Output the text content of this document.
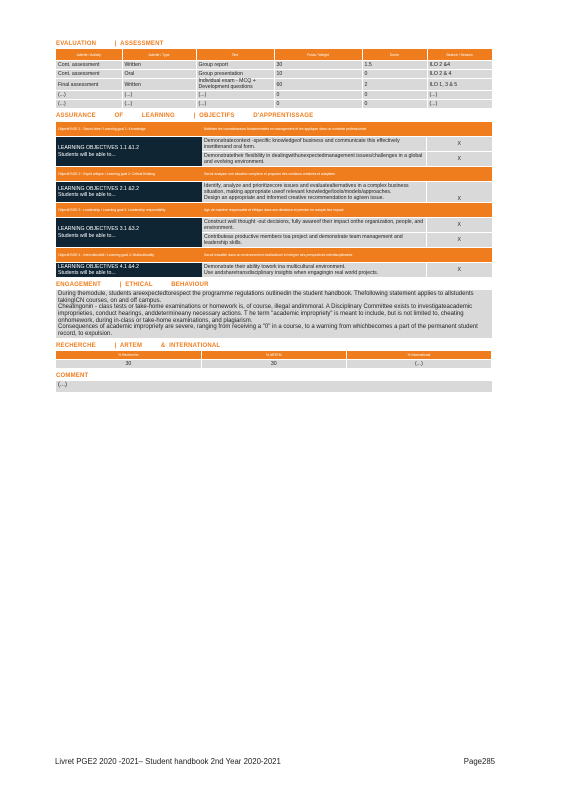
EVALUATION          |  ASSESSMENT
Activité / Activity	Activité / Type	Titre	Poids / Weight	Durée	Séance / Session
Cont. assessment	Written	Group report	30	1.5	ILO 2 &4
Cont. assessment	Oral	Group presentation	10	0	ILO 2 & 4
Final assessment	Written	Individual exam - MCQ + Development questions	60	2	ILO 1, 3 & 5
(...)	(...)	(...)	0	0	(...)
(...)	(...)	(...)	0	0	(...)
ASSURANCE          OF          LEARNING          |  OBJECTIFS          D'APPRENTISSAGE
Objectif BGE 1 : Savoir-faire / Learning goal 1: Knowledge	Maîtriser les connaissances fondamentales en management et les appliquer dans un contexte professionnel	
LEARNING OBJECTIVES 1.1 &1.2
Students will be able to...	Demonstratecontext -specific knowledgeof business and communicate this effectively inwrittenand oral form.	X
	Demonstratetheir flexibility in dealingwithunexpectedmanagement issues/challenges in a global and evolving environment.	X
Objectif BGE 2 : Esprit critique / Learning goal 2: Critical thinking	Savoir analyser une situation complexe et proposer des solutions créatives et adaptées	
LEARNING OBJECTIVES 2.1 &2.2
Students will be able to...	Identify, analyze and prioritizecore issues and evaluatealternatives in a complex business situation, making appropriate useof relevant knowledge/tools/models/approaches.
Design an appropriate and informed creative recommendation to agiven issue.	X
Objectif BGE 3 : Leadership / Learning goal 3: Leadership responsibility	Agir de manière responsable et éthique dans ses décisions et prendre en compte leur impact	
LEARNING OBJECTIVES 3.1 &3.2
Students will be able to...	Construct well thought -out decisions, fully awareof their impact onthe organization, people, and environment.	X
	Contributeas productive members toa project and demonstrate team management and leadership skills.	X
Objectif BGE 4 : Interculturalité / Learning goal 4: Multiculturality	Savoir travailler dans un environnement multiculturel et intégrer des perspectives interdisciplinaires	
LEARNING OBJECTIVES 4.1 &4.2
Students will be able to...	Demonstrate their ability towork ina multicultural environment.
Use andsharetransdisciplinary insights when engagingin real world projects.	X
ENGAGEMENT          |  ETHICAL          BEHAVIOUR
During themodule, students areexpectedtorespect the programme regulations outlinedin the student handbook. Thefollowing statement applies to allstudents takingICN courses, on and off campus.
Cheatingonin - class tests or take-home examinations or homework is, of course, illegal andimmoral. A Disciplinary Committee exists to investigateacademic improprieties, conduct hearings, anddetermineany necessary actions. T he term "academic impropriety" is meant to include, but is not limited to, cheating onhomework, during in-class or take-home examinations, and plagiarism.
Consequences of academic impropriety are severe, ranging from receiving a "0" in a course, to a warning from whichbecomes a part of the permanent student record, to expulsion.
RECHERCHE          |  ARTEM          &  INTERNATIONAL
% Recherche	% ARTEM	% International
30	30	(...)
COMMENT
(...)
Livret PGE2 2020 -2021– Student handbook 2nd Year 2020-2021	Page285
